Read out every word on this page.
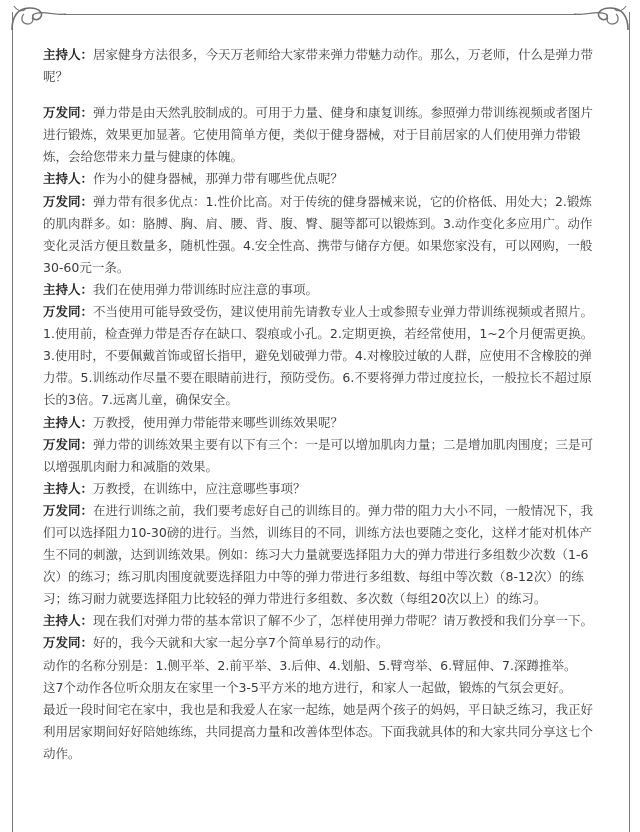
主持人：居家健身方法很多，今天万老师给大家带来弹力带魅力动作。那么，万老师，什么是弹力带呢？

万发同：弹力带是由天然乳胶制成的。可用于力量、健身和康复训练。参照弹力带训练视频或者图片进行锻炼，效果更加显著。它使用简单方便，类似于健身器械，对于目前居家的人们使用弹力带锻炼，会给您带来力量与健康的体魄。

主持人：作为小的健身器械，那弹力带有哪些优点呢？

万发同：弹力带有很多优点：1.性价比高。对于传统的健身器械来说，它的价格低、用处大；2.锻炼的肌肉群多。如：胳膊、胸、肩、腰、背、腹、臀、腿等都可以锻炼到。3.动作变化多应用广。动作变化灵活方便且数量多，随机性强。4.安全性高、携带与储存方便。如果您家没有，可以网购，一般30-60元一条。

主持人：我们在使用弹力带训练时应注意的事项。

万发同：不当使用可能导致受伤，建议使用前先请教专业人士或参照专业弹力带训练视频或者照片。1.使用前，检查弹力带是否存在缺口、裂痕或小孔。2.定期更换，若经常使用，1~2个月便需更换。3.使用时，不要佩戴首饰或留长指甲，避免划破弹力带。4.对橡胶过敏的人群，应使用不含橡胶的弹力带。5.训练动作尽量不要在眼睛前进行，预防受伤。6.不要将弹力带过度拉长，一般拉长不超过原长的3倍。7.远离儿童，确保安全。

主持人：万教授，使用弹力带能带来哪些训练效果呢？

万发同：弹力带的训练效果主要有以下有三个：一是可以增加肌肉力量；二是增加肌肉围度；三是可以增强肌肉耐力和减脂的效果。

主持人：万教授，在训练中，应注意哪些事项？

万发同：在进行训练之前，我们要考虑好自己的训练目的。弹力带的阻力大小不同，一般情况下，我们可以选择阻力10-30磅的进行。当然，训练目的不同，训练方法也要随之变化，这样才能对机体产生不同的刺激，达到训练效果。例如：练习大力量就要选择阻力大的弹力带进行多组数少次数（1-6次）的练习；练习肌肉围度就要选择阻力中等的弹力带进行多组数、每组中等次数（8-12次）的练习；练习耐力就要选择阻力比较轻的弹力带进行多组数、多次数（每组20次以上）的练习。

主持人：现在我们对弹力带的基本常识了解不少了，怎样使用弹力带呢？请万教授和我们分享一下。

万发同：好的，我今天就和大家一起分享7个简单易行的动作。

动作的名称分别是：1.侧平举、2.前平举、3.后伸、4.划船、5.臂弯举、6.臂屈伸、7.深蹲推举。

这7个动作各位听众朋友在家里一个3-5平方米的地方进行，和家人一起做，锻炼的气氛会更好。

最近一段时间宅在家中，我也是和我爱人在家一起练，她是两个孩子的妈妈，平日缺乏练习，我正好利用居家期间好好陪她练练，共同提高力量和改善体型体态。下面我就具体的和大家共同分享这七个动作。
